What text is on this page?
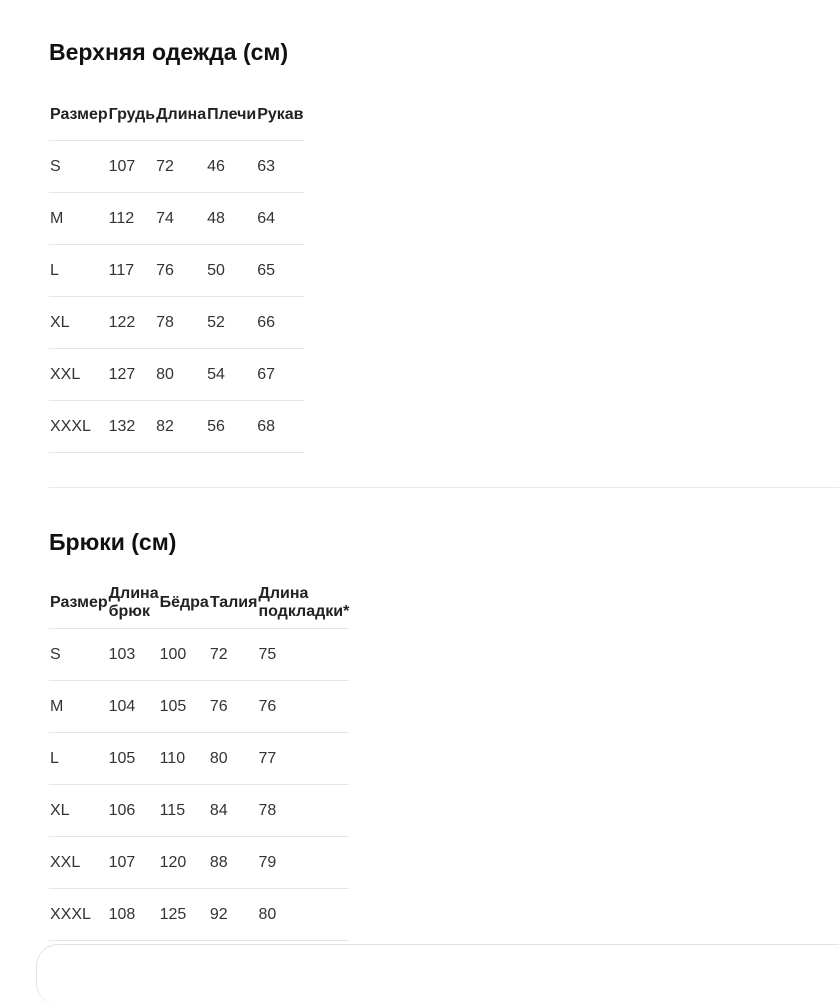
Верхняя одежда (см)
Размер	Грудь	Длина	Плечи	Рукав
S	107	72	46	63
M	112	74	48	64
L	117	76	50	65
XL	122	78	52	66
XXL	127	80	54	67
XXXL	132	82	56	68
Брюки (см)
Размер	Длина брюк	Бёдра	Талия	Длина подкладки*
S	103	100	72	75
M	104	105	76	76
L	105	110	80	77
XL	106	115	84	78
XXL	107	120	88	79
XXXL	108	125	92	80
